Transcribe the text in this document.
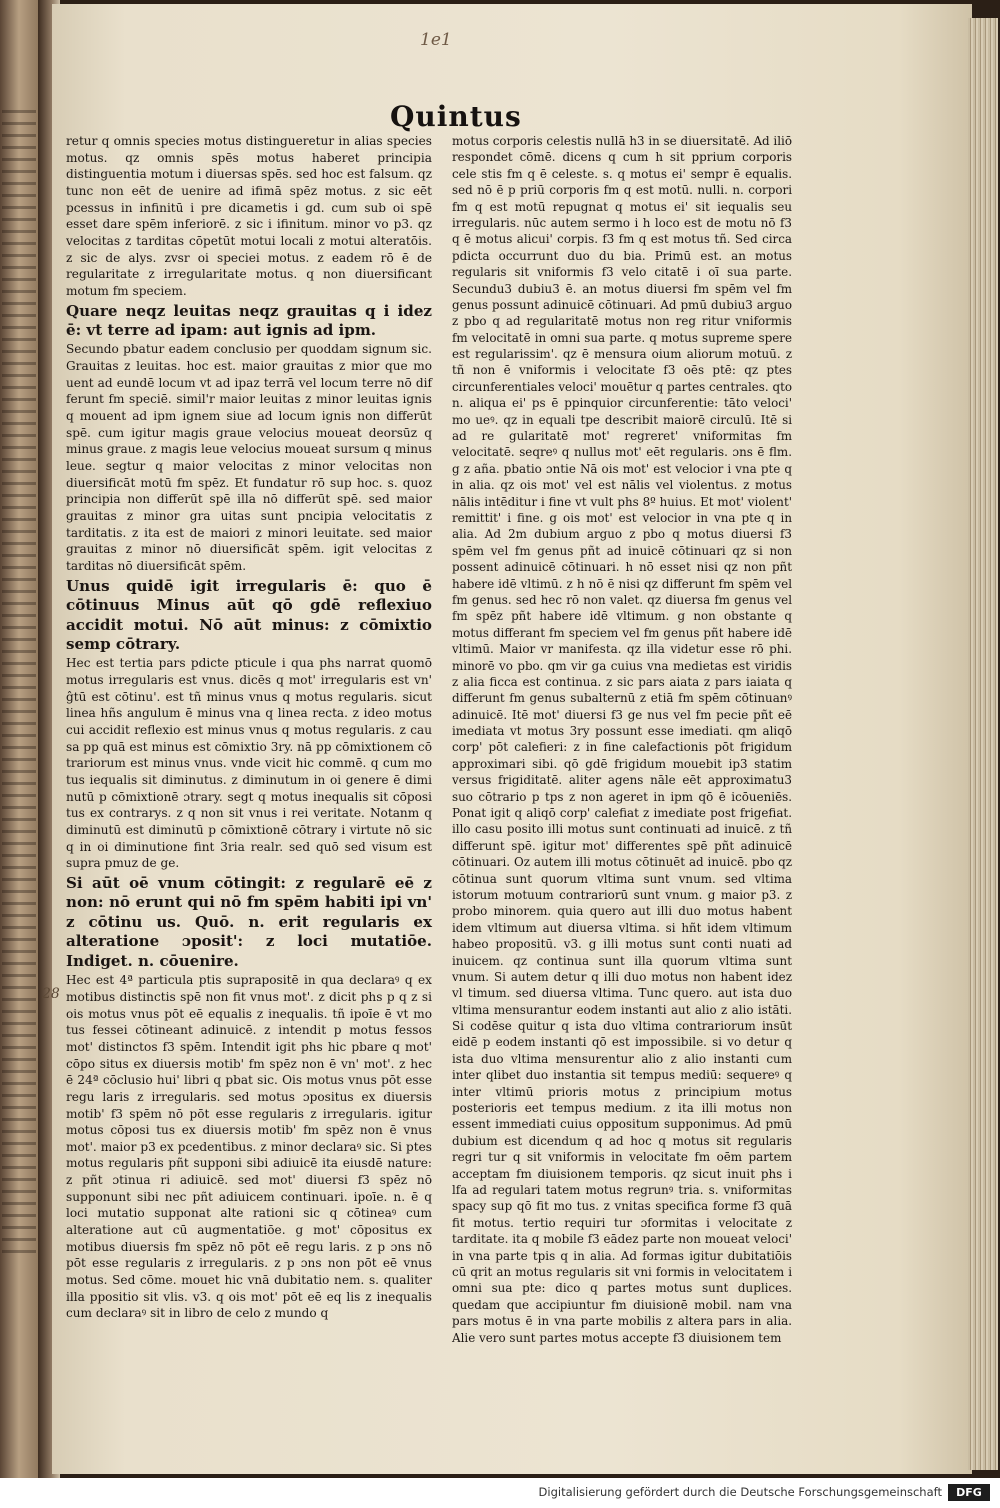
1e1
Quintus

retur q omnis species motus distingueretur in alias species motus. qz omnis spēs motus haberet principia distinguentia motum i diuersas spēs. sed hoc est falsum. qz tunc non eēt de uenire ad ifimā spēz motus. z sic eēt pcessus in infinitū i pre dicametis i gd. cum sub oi spē esset dare spēm inferiorē. z sic i ifinitum. minor vo p3. qz velocitas z tarditas cōpetūt motui locali z motui alteratōis. z sic de alys. zvsr oi speciei motus. z eadem rō ē de regularitate z irregularitate motus. q non diuersificant motum fm speciem.

Quare neqz leuitas neqz grauitas q i idez ē: vt terre ad ipam: aut ignis ad ipm.

Secundo pbatur eadem conclusio per quoddam signum sic. Grauitas z leuitas. hoc est. maior grauitas z mior que mo uent ad eundē locum vt ad ipaz terrā vel locum terre nō dif ferunt fm speciē. simil'r maior leuitas z minor leuitas ignis q mouent ad ipm ignem siue ad locum ignis non differūt spē. cum igitur magis graue velocius moueat deorsūz q minus graue. z magis leue velocius moueat sursum q minus leue. segtur q maior velocitas z minor velocitas non diuersificāt motū fm spēz. Et fundatur rō sup hoc. s. quoz principia non differūt spē illa nō differūt spē. sed maior grauitas z minor gra uitas sunt pncipia velocitatis z tarditatis. z ita est de maiori z minori leuitate. sed maior grauitas z minor nō diuersificāt spēm. igit velocitas z tarditas nō diuersificāt spēm.

Unus quidē igit irregularis ē: quo ē cōtinuus Minus aūt qō gdē reflexiuo accidit motui. Nō aūt minus: z cōmixtio semp cōtrary.

Hec est tertia pars pdicte pticule i qua phs narrat quomō motus irregularis est vnus. dicēs q mot' irregularis est vn' ĝtū est cōtinu'. est tñ minus vnus q motus regularis. sicut linea hñs angulum ē minus vna q linea recta. z ideo motus cui accidit reflexio est minus vnus q motus regularis. z cau sa pp quā est minus est cōmixtio 3ry. nā pp cōmixtionem cō trariorum est minus vnus. vnde vicit hic commē. q cum mo tus iequalis sit diminutus. z diminutum in oi genere ē dimi nutū p cōmixtionē ɔtrary. segt q motus inequalis sit cōposi tus ex contrarys. z q non sit vnus i rei veritate. Notanm q diminutū est diminutū p cōmixtionē cōtrary i virtute nō sic q in oi diminutione fint 3ria realr. sed quō sed visum est supra pmuz de ge.

Si aūt oē vnum cōtingit: z regularē eē z non: nō erunt qui nō fm spēm habiti ipi vn' z cōtinu us. Quō. n. erit regularis ex alteratione ɔposit': z loci mutatiōe. Indiget. n. cōuenire.

Hec est 4ª particula ptis suprapositē in qua declaraꝰ q ex motibus distinctis spē non fit vnus mot'. z dicit phs p q z si ois motus vnus pōt eē equalis z inequalis. tñ ipoīe ē vt mo tus fessei cōtineant adinuicē. z intendit p motus fessos mot' distinctos f3 spēm. Intendit igit phs hic pbare q mot' cōpo situs ex diuersis motib' fm spēz non ē vn' mot'. z hec ē 24ª cōclusio hui' libri q pbat sic. Ois motus vnus pōt esse regu laris z irregularis. sed motus ɔpositus ex diuersis motib' f3 spēm nō pōt esse regularis z irregularis. igitur motus cōposi tus ex diuersis motib' fm spēz non ē vnus mot'. maior p3 ex pcedentibus. z minor declaraꝰ sic. Si ptes motus regularis pñt supponi sibi adiuicē ita eiusdē nature: z pñt ɔtinua ri adiuicē. sed mot' diuersi f3 spēz nō supponunt sibi nec pñt adiuicem continuari. ipoīe. n. ē q loci mutatio supponat alte rationi sic q cōtineaꝰ cum alteratione aut cū augmentatiōe. g mot' cōpositus ex motibus diuersis fm spēz nō pōt eē regu laris. z p ɔns nō pōt esse regularis z irregularis. z p ɔns non pōt eē vnus motus. Sed cōme. mouet hic vnā dubitatio nem. s. qualiter illa ppositio sit vlis. v3. q ois mot' pōt eē eq lis z inequalis cum declaraꝰ sit in libro de celo z mundo q

motus corporis celestis nullā h3 in se diuersitatē. Ad iliō respondet cōmē. dicens q cum h sit pprium corporis cele stis fm q ē celeste. s. q motus ei' sempr ē equalis. sed nō ē p priū corporis fm q est motū. nulli. n. corpori fm q est motū repugnat q motus ei' sit iequalis seu irregularis. nūc autem sermo i h loco est de motu nō f3 q ē motus alicui' corpis. f3 fm q est motus tñ. Sed circa pdicta occurrunt duo du bia. Primū est. an motus regularis sit vniformis f3 velo citatē i oī sua parte. Secundu3 dubiu3 ē. an motus diuersi fm spēm vel fm genus possunt adinuicē cōtinuari. Ad pmū dubiu3 arguo z pbo q ad regularitatē motus non reg ritur vniformis fm velocitatē in omni sua parte. q motus supreme spere est regularissim'. qz ē mensura oium aliorum motuū. z tñ non ē vniformis i velocitate f3 oēs ptē: qz ptes circunferentiales veloci' mouētur q partes centrales. qto n. aliqua ei' ps ē ppinquior circunferentie: tāto veloci' mo ueꝰ. qz in equali tpe describit maiorē circulū. Itē si ad re gularitatē mot' regreret' vniformitas fm velocitatē. seqreꝰ q nullus mot' eēt regularis. ɔns ē flm. g z aña. pbatio ɔntie Nā ois mot' est velocior i vna pte q in alia. qz ois mot' vel est nālis vel violentus. z motus nālis intēditur i fine vt vult phs 8º huius. Et mot' violent' remittit' i fine. g ois mot' est velocior in vna pte q in alia. Ad 2m dubium arguo z pbo q motus diuersi f3 spēm vel fm genus pñt ad inuicē cōtinuari qz si non possent adinuicē cōtinuari. h nō esset nisi qz non pñt habere idē vltimū. z h nō ē nisi qz differunt fm spēm vel fm genus. sed hec rō non valet. qz diuersa fm genus vel fm spēz pñt habere idē vltimum. g non obstante q motus differant fm speciem vel fm genus pñt habere idē vltimū. Maior vr manifesta. qz illa videtur esse rō phi. minorē vo pbo. qm vir ga cuius vna medietas est viridis z alia ficca est continua. z sic pars aiata z pars iaiata q differunt fm genus subalternū z etiā fm spēm cōtinuanꝰ adinuicē. Itē mot' diuersi f3 ge nus vel fm pecie pñt eē imediata vt motus 3ry possunt esse imediati. qm aliqō corp' pōt calefieri: z in fine calefactionis pōt frigidum approximari sibi. qō gdē frigidum mouebit ip3 statim versus frigiditatē. aliter agens nāle eēt approximatu3 suo cōtrario p tps z non ageret in ipm qō ē icōueniēs. Ponat igit q aliqō corp' calefiat z imediate post frigefiat. illo casu posito illi motus sunt continuati ad inuicē. z tñ differunt spē. igitur mot' differentes spē pñt adinuicē cōtinuari. Oz autem illi motus cōtinuēt ad inuicē. pbo qz cōtinua sunt quorum vltima sunt vnum. sed vltima istorum motuum contrariorū sunt vnum. g maior p3. z probo minorem. quia quero aut illi duo motus habent idem vltimum aut diuersa vltima. si hñt idem vltimum habeo propositū. v3. g illi motus sunt conti nuati ad inuicem. qz continua sunt illa quorum vltima sunt vnum. Si autem detur q illi duo motus non habent idez vl timum. sed diuersa vltima. Tunc quero. aut ista duo vltima mensurantur eodem instanti aut alio z alio istāti. Si codēse quitur q ista duo vltima contrariorum insūt eidē p eodem instanti qō est impossibile. si vo detur q ista duo vltima mensurentur alio z alio instanti cum inter qlibet duo instantia sit tempus mediū: sequereꝰ q inter vltimū prioris motus z principium motus posterioris eet tempus medium. z ita illi motus non essent immediati cuius oppositum supponimus. Ad pmū dubium est dicendum q ad hoc q motus sit regularis regri tur q sit vniformis in velocitate fm oēm partem acceptam fm diuisionem temporis. qz sicut inuit phs i lfa ad regulari tatem motus regrunꝰ tria. s. vniformitas spacy sup qō fit mo tus. z vnitas specifica forme f3 quā fit motus. tertio requiri tur ɔformitas i velocitate z tarditate. ita q mobile f3 eādez parte non moueat veloci' in vna parte tpis q in alia. Ad formas igitur dubitatiōis cū qrit an motus regularis sit vni formis in velocitatem i omni sua pte: dico q partes motus sunt duplices. quedam que accipiuntur fm diuisionē mobil. nam vna pars motus ē in vna parte mobilis z altera pars in alia. Alie vero sunt partes motus accepte f3 diuisionem tem

28
Digitalisierung gefördert durch die Deutsche Forschungsgemeinschaft	DFG
